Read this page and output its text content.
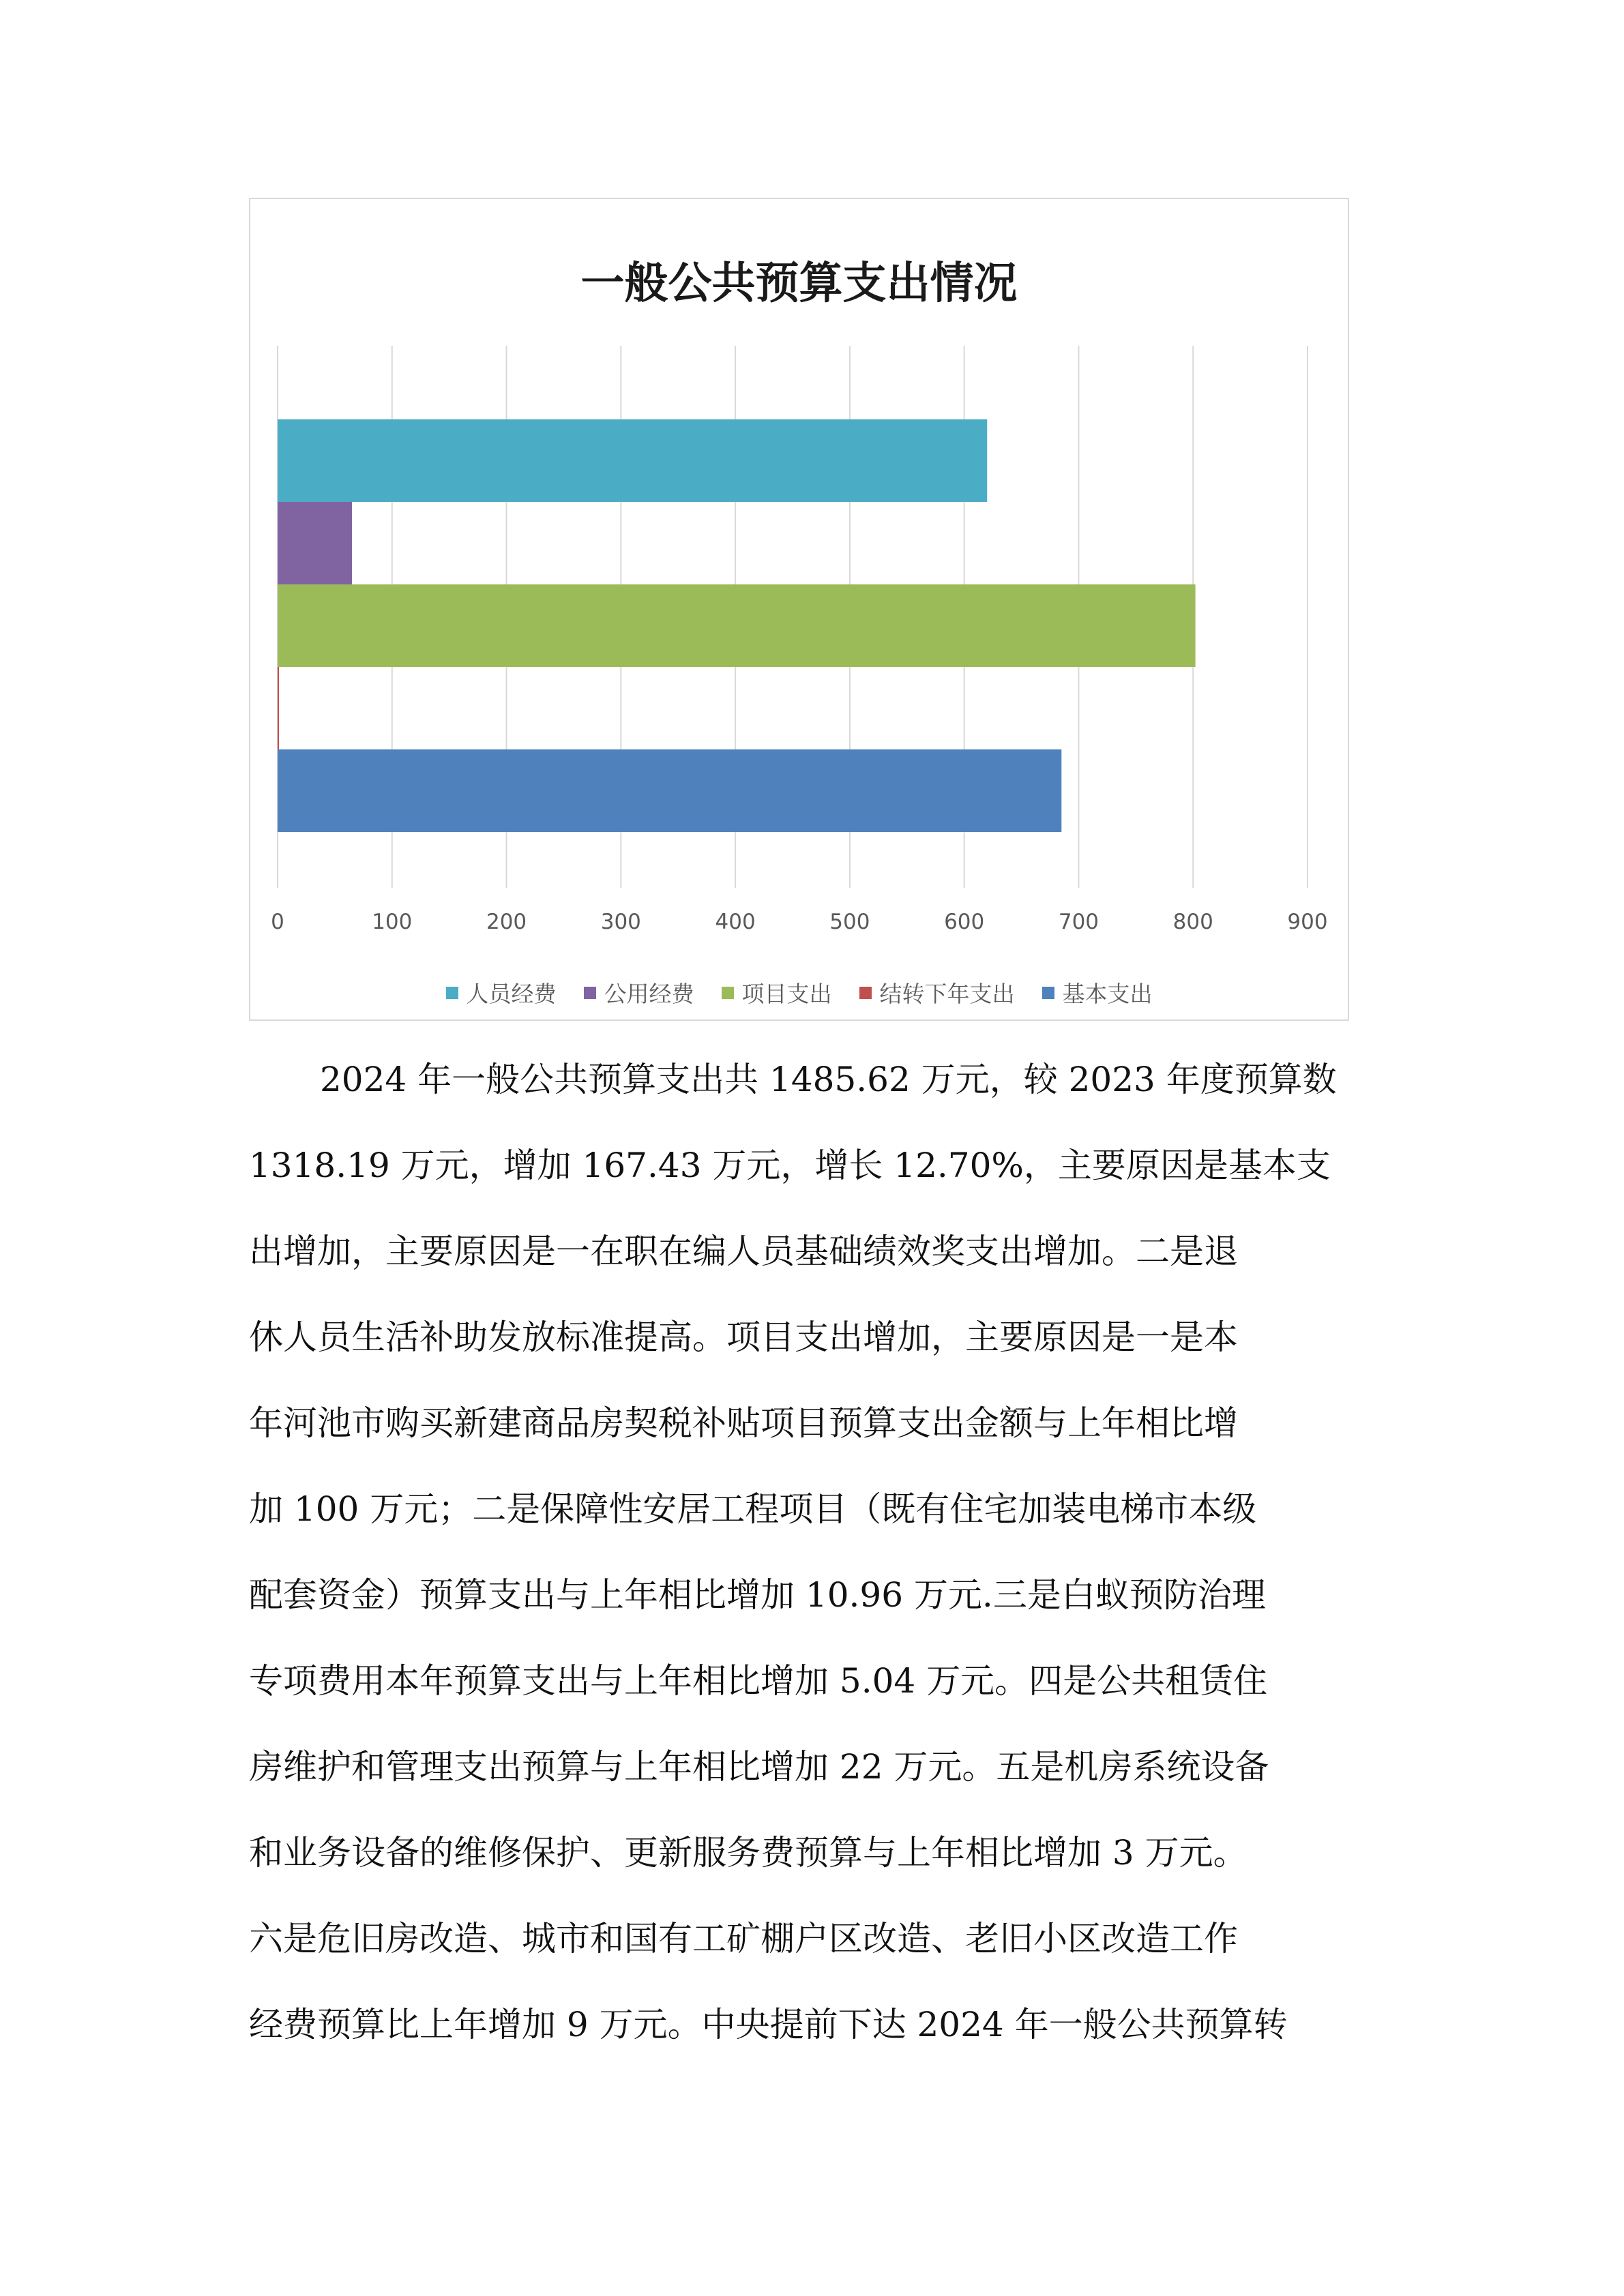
一般公共预算支出情况
0	100	200	300	400	500	600	700	800	900
人员经费 公用经费 项目支出 结转下年支出 基本支出
2024 年一般公共预算支出共 1485.62 万元，较 2023 年度预算数
1318.19 万元，增加 167.43 万元，增长 12.70%，主要原因是基本支
出增加，主要原因是一在职在编人员基础绩效奖支出增加。二是退
休人员生活补助发放标准提高。项目支出增加，主要原因是一是本
年河池市购买新建商品房契税补贴项目预算支出金额与上年相比增
加 100 万元；二是保障性安居工程项目（既有住宅加装电梯市本级
配套资金）预算支出与上年相比增加 10.96 万元.三是白蚁预防治理
专项费用本年预算支出与上年相比增加 5.04 万元。四是公共租赁住
房维护和管理支出预算与上年相比增加 22 万元。五是机房系统设备
和业务设备的维修保护、更新服务费预算与上年相比增加 3 万元。
六是危旧房改造、城市和国有工矿棚户区改造、老旧小区改造工作
经费预算比上年增加 9 万元。中央提前下达 2024 年一般公共预算转
